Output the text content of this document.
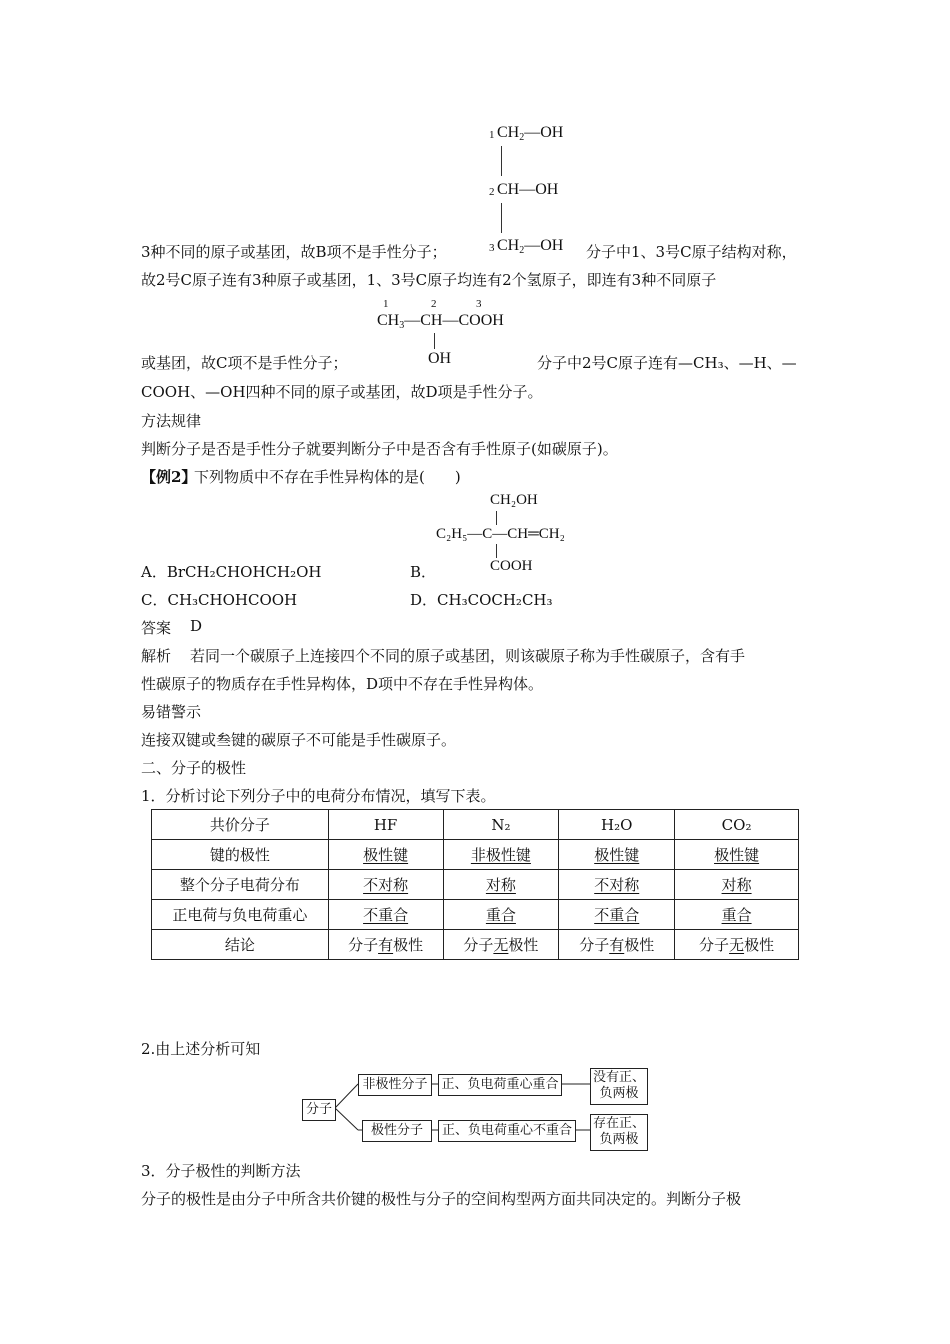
1 $CH_2—OH$
2 CH—OH
3 $CH_2—OH$
3种不同的原子或基团，故B项不是手性分子；	分子中1、3号C原子结构对称，
故2号C原子连有3种原子或基团，1、3号C原子均连有2个氢原子，即连有3种不同原子
1	2	3
$CH_3—CH—COOH$
OH
或基团，故C项不是手性分子；	分子中2号C原子连有—CH₃、—H、—
COOH、—OH四种不同的原子或基团，故D项是手性分子。
方法规律
判断分子是否是手性分子就要判断分子中是否含有手性原子(如碳原子)。
【例2】
下列物质中不存在手性异构体的是(　　)
CH₂OH
C₂H₅—C—CH═CH₂
COOH
A．BrCH₂CHOHCH₂OH	B．
C．CH₃CHOHCOOH	D．CH₃COCH₂CH₃
答案 D
解析 若同一个碳原子上连接四个不同的原子或基团，则该碳原子称为手性碳原子，含有手
性碳原子的物质存在手性异构体，D项中不存在手性异构体。
易错警示
连接双键或叁键的碳原子不可能是手性碳原子。
二、分子的极性
1．分析讨论下列分子中的电荷分布情况，填写下表。
共价分子	HF	N₂	H₂O	CO₂
键的极性	极性键	非极性键	极性键	极性键
整个分子电荷分布	不对称	对称	不对称	对称
正电荷与负电荷重心	不重合	重合	不重合	重合
结论	分子有极性	分子无极性	分子有极性	分子无极性
2.由上述分析可知
分子
非极性分子	正、负电荷重心重合	没有正、
负两极
极性分子	正、负电荷重心不重合	存在正、
负两极
3．分子极性的判断方法
分子的极性是由分子中所含共价键的极性与分子的空间构型两方面共同决定的。判断分子极
